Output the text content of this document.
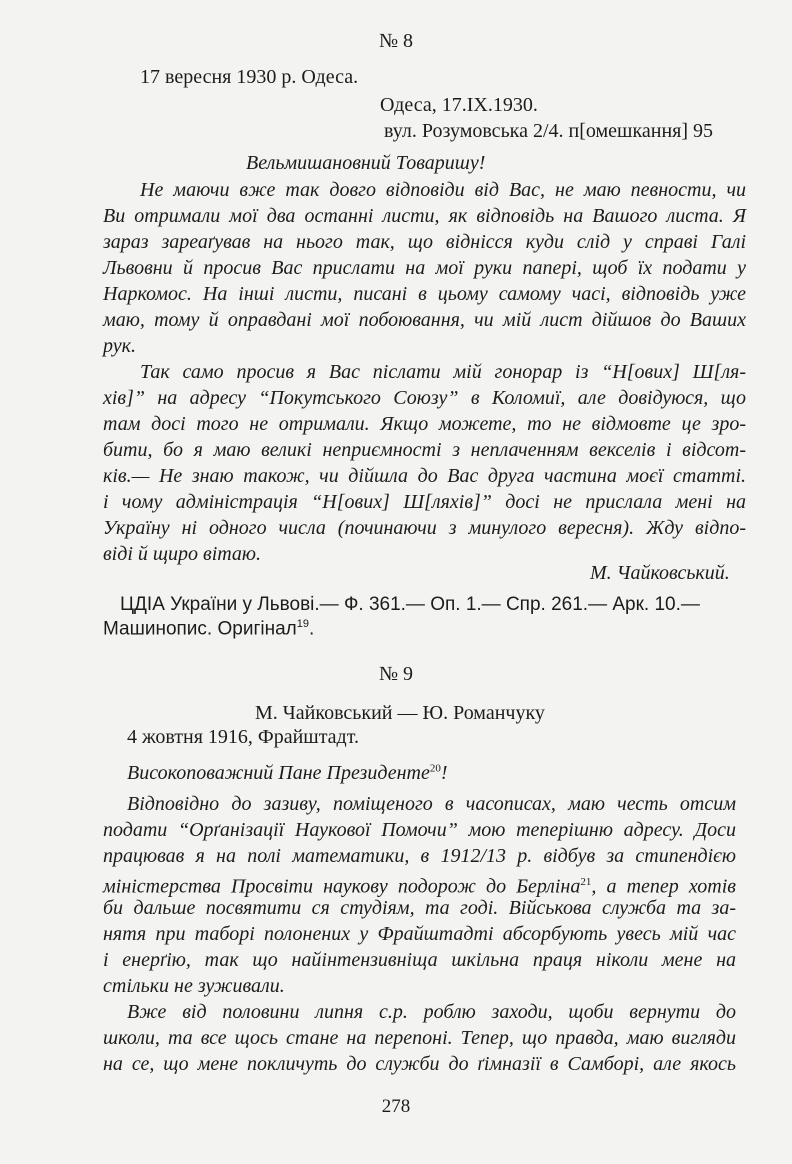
№ 8
17 вересня 1930 р. Одеса.
Одеса, 17.IX.1930.
вул. Розумовська 2/4. п[омешкання] 95
Вельмишановний Товаришу!
Не маючи вже так довго відповіди від Вас, не маю певности, чи
Ви отримали мої два останні листи, як відповідь на Вашого листа. Я
зараз зареаґував на нього так, що віднісся куди слід у справі Галі
Львовни й просив Вас прислати на мої руки папері, щоб їх подати у
Наркомос. На інші листи, писані в цьому самому часі, відповідь уже
маю, тому й оправдані мої побоювання, чи мій лист дійшов до Ваших
рук.
Так само просив я Вас післати мій гонорар із “Н[ових] Ш[ля-
хів]” на адресу “Покутського Союзу” в Коломиї, але довідуюся, що
там досі того не отримали. Якщо можете, то не відмовте це зро-
бити, бо я маю великі неприємності з неплаченням векселів і відсот-
ків.— Не знаю також, чи дійшла до Вас друга частина моєї статті.
і чому адміністрація “Н[ових] Ш[ляхів]” досі не прислала мені на
Україну ні одного числа (починаючи з минулого вересня). Жду відпо-
віді й щиро вітаю.
М. Чайковський.
ЦДІА України у Львові.— Ф. 361.— Оп. 1.— Спр. 261.— Арк. 10.—
Машинопис. Оригінал$^{19}$.
№ 9
М. Чайковський — Ю. Романчуку
4 жовтня 1916, Фрайштадт.
Високоповажний Пане Президенте$^{20}$!
Відповідно до зазиву, поміщеного в часописах, маю честь отсим
подати “Орґанізації Наукової Помочи” мою теперішню адресу. Доси
працював я на полі математики, в 1912/13 р. відбув за стипендією
міністерства Просвіти наукову подорож до Берліна$^{21}$, а тепер хотів
би дальше посвятити ся студіям, та годі. Військова служба та за-
нятя при таборі полонених у Фрайштадті абсорбують увесь мій час
і енерґію, так що найінтензивніща шкільна праця ніколи мене на
стільки не зуживали.
Вже від половини липня с.р. роблю заходи, щоби вернути до
школи, та все щось стане на перепоні. Тепер, що правда, маю вигляди
на се, що мене покличуть до служби до ґімназії в Самборі, але якось
278
